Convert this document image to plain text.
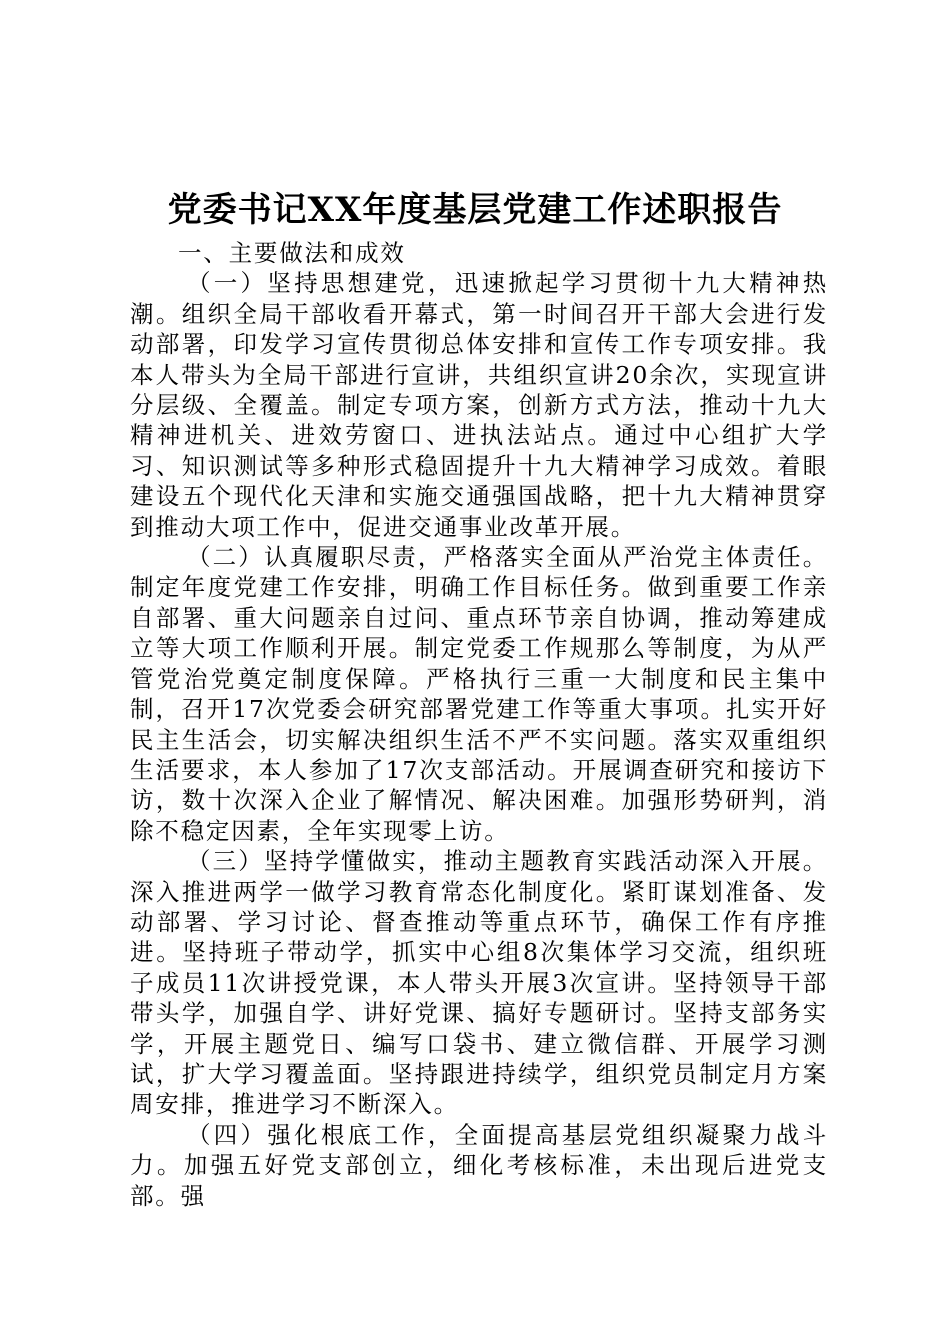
党委书记XX年度基层党建工作述职报告

一、主要做法和成效

（一）坚持思想建党，迅速掀起学习贯彻十九大精神热潮。组织全局干部收看开幕式，第一时间召开干部大会进行发动部署，印发学习宣传贯彻总体安排和宣传工作专项安排。我本人带头为全局干部进行宣讲，共组织宣讲20余次，实现宣讲分层级、全覆盖。制定专项方案，创新方式方法，推动十九大精神进机关、进效劳窗口、进执法站点。通过中心组扩大学习、知识测试等多种形式稳固提升十九大精神学习成效。着眼建设五个现代化天津和实施交通强国战略，把十九大精神贯穿到推动大项工作中，促进交通事业改革开展。

（二）认真履职尽责，严格落实全面从严治党主体责任。制定年度党建工作安排，明确工作目标任务。做到重要工作亲自部署、重大问题亲自过问、重点环节亲自协调，推动筹建成立等大项工作顺利开展。制定党委工作规那么等制度，为从严管党治党奠定制度保障。严格执行三重一大制度和民主集中制，召开17次党委会研究部署党建工作等重大事项。扎实开好民主生活会，切实解决组织生活不严不实问题。落实双重组织生活要求，本人参加了17次支部活动。开展调查研究和接访下访，数十次深入企业了解情况、解决困难。加强形势研判，消除不稳定因素，全年实现零上访。

（三）坚持学懂做实，推动主题教育实践活动深入开展。深入推进两学一做学习教育常态化制度化。紧盯谋划准备、发动部署、学习讨论、督查推动等重点环节，确保工作有序推进。坚持班子带动学，抓实中心组8次集体学习交流，组织班子成员11次讲授党课，本人带头开展3次宣讲。坚持领导干部带头学，加强自学、讲好党课、搞好专题研讨。坚持支部务实学，开展主题党日、编写口袋书、建立微信群、开展学习测试，扩大学习覆盖面。坚持跟进持续学，组织党员制定月方案周安排，推进学习不断深入。

（四）强化根底工作，全面提高基层党组织凝聚力战斗力。加强五好党支部创立，细化考核标准，未出现后进党支部。强
